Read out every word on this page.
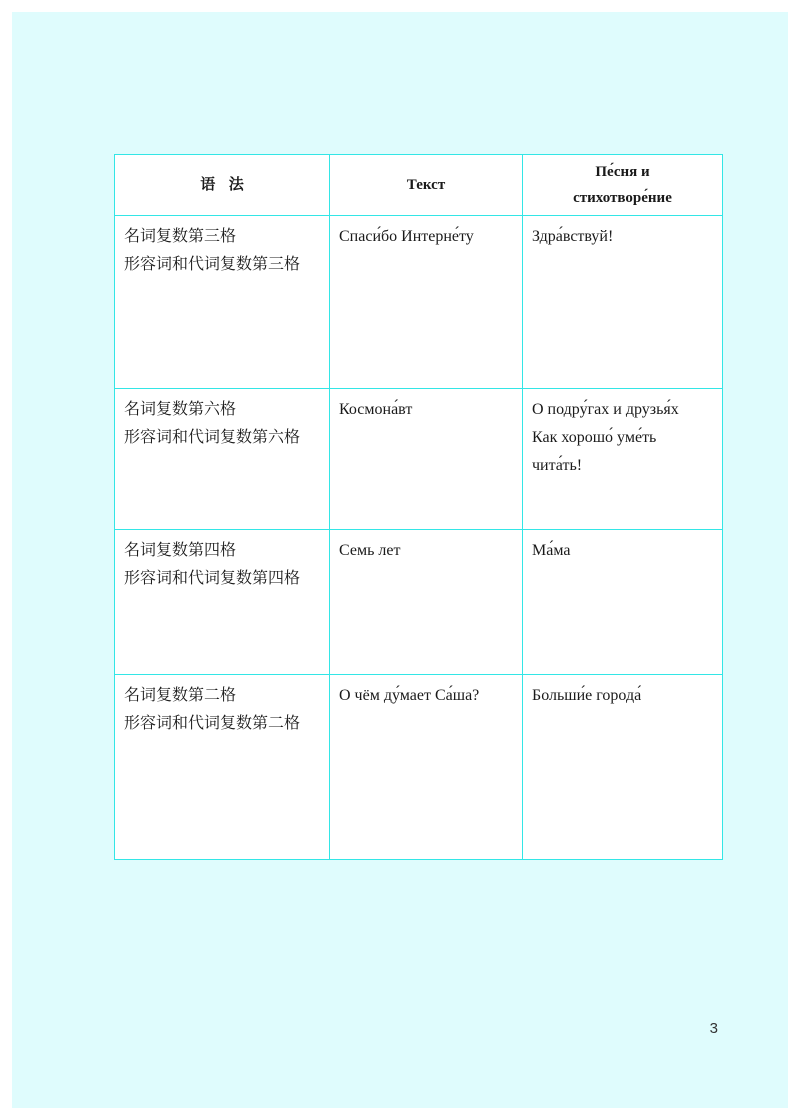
语法	Текст	Пе́сня и
стихотворе́ние

名词复数第三格
形容词和代词复数第三格	Спаси́бо Интерне́ту	Здра́вствуй!

名词复数第六格
形容词和代词复数第六格	Космона́вт	О подру́гах и друзья́х
Как хорошо́ уме́ть
чита́ть!

名词复数第四格
形容词和代词复数第四格	Семь лет	Ма́ма

名词复数第二格
形容词和代词复数第二格	О чём ду́мает Са́ша?	Больши́е города́
3
